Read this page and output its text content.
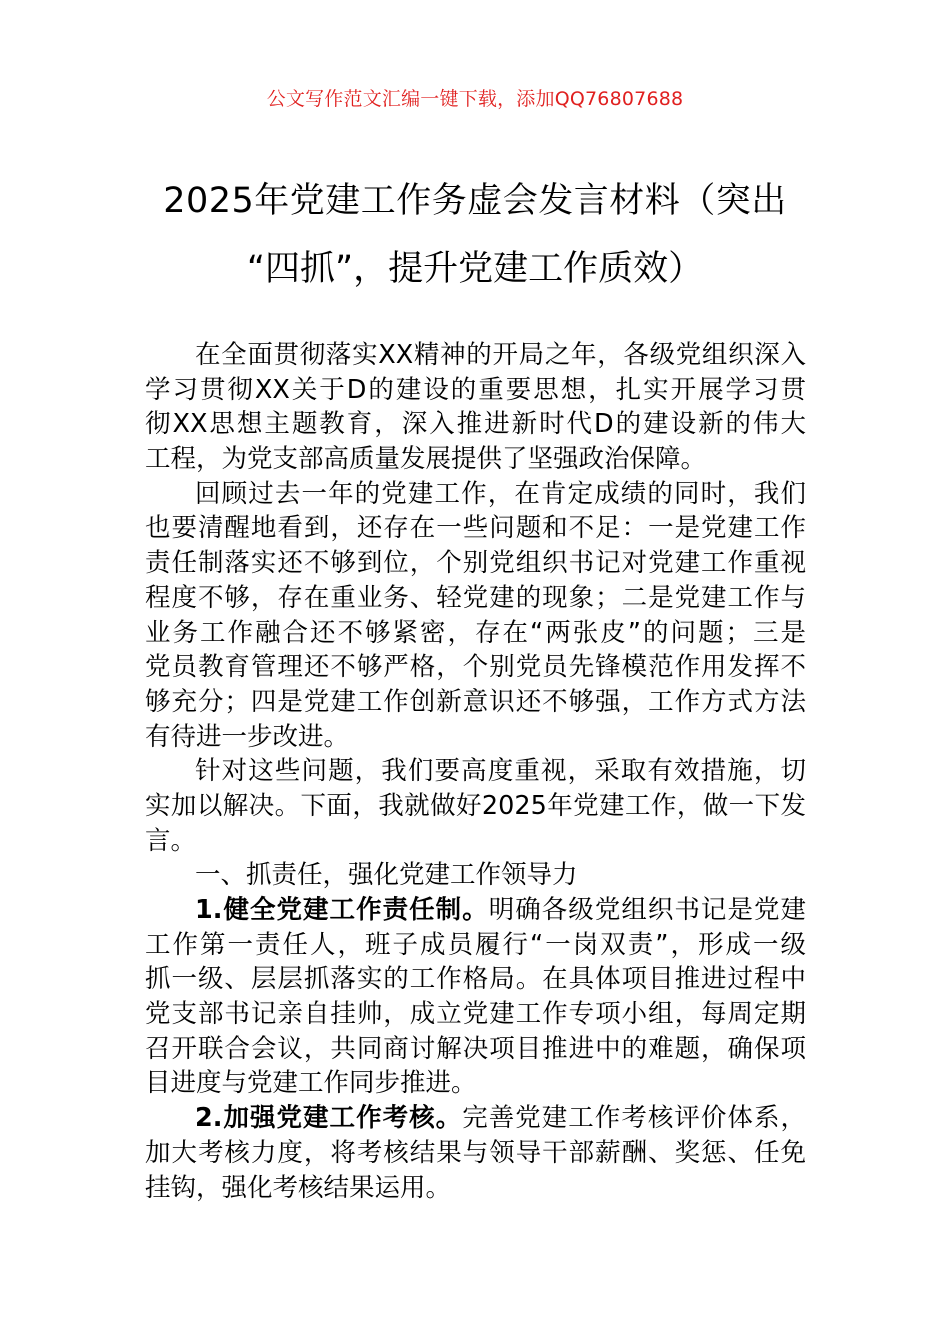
公文写作范文汇编一键下载，添加QQ76807688
2025年党建工作务虚会发言材料（突出
“四抓”，提升党建工作质效）
在全面贯彻落实XX精神的开局之年，各级党组织深入
学习贯彻XX关于D的建设的重要思想，扎实开展学习贯
彻XX思想主题教育，深入推进新时代D的建设新的伟大
工程，为党支部高质量发展提供了坚强政治保障。
回顾过去一年的党建工作，在肯定成绩的同时，我们
也要清醒地看到，还存在一些问题和不足：一是党建工作
责任制落实还不够到位，个别党组织书记对党建工作重视
程度不够，存在重业务、轻党建的现象；二是党建工作与
业务工作融合还不够紧密，存在“两张皮”的问题；三是
党员教育管理还不够严格，个别党员先锋模范作用发挥不
够充分；四是党建工作创新意识还不够强，工作方式方法
有待进一步改进。
针对这些问题，我们要高度重视，采取有效措施，切
实加以解决。下面，我就做好2025年党建工作，做一下发
言。
一、抓责任，强化党建工作领导力
1.健全党建工作责任制。明确各级党组织书记是党建
工作第一责任人，班子成员履行“一岗双责”，形成一级
抓一级、层层抓落实的工作格局。在具体项目推进过程中
党支部书记亲自挂帅，成立党建工作专项小组，每周定期
召开联合会议，共同商讨解决项目推进中的难题，确保项
目进度与党建工作同步推进。
2.加强党建工作考核。完善党建工作考核评价体系，
加大考核力度，将考核结果与领导干部薪酬、奖惩、任免
挂钩，强化考核结果运用。
